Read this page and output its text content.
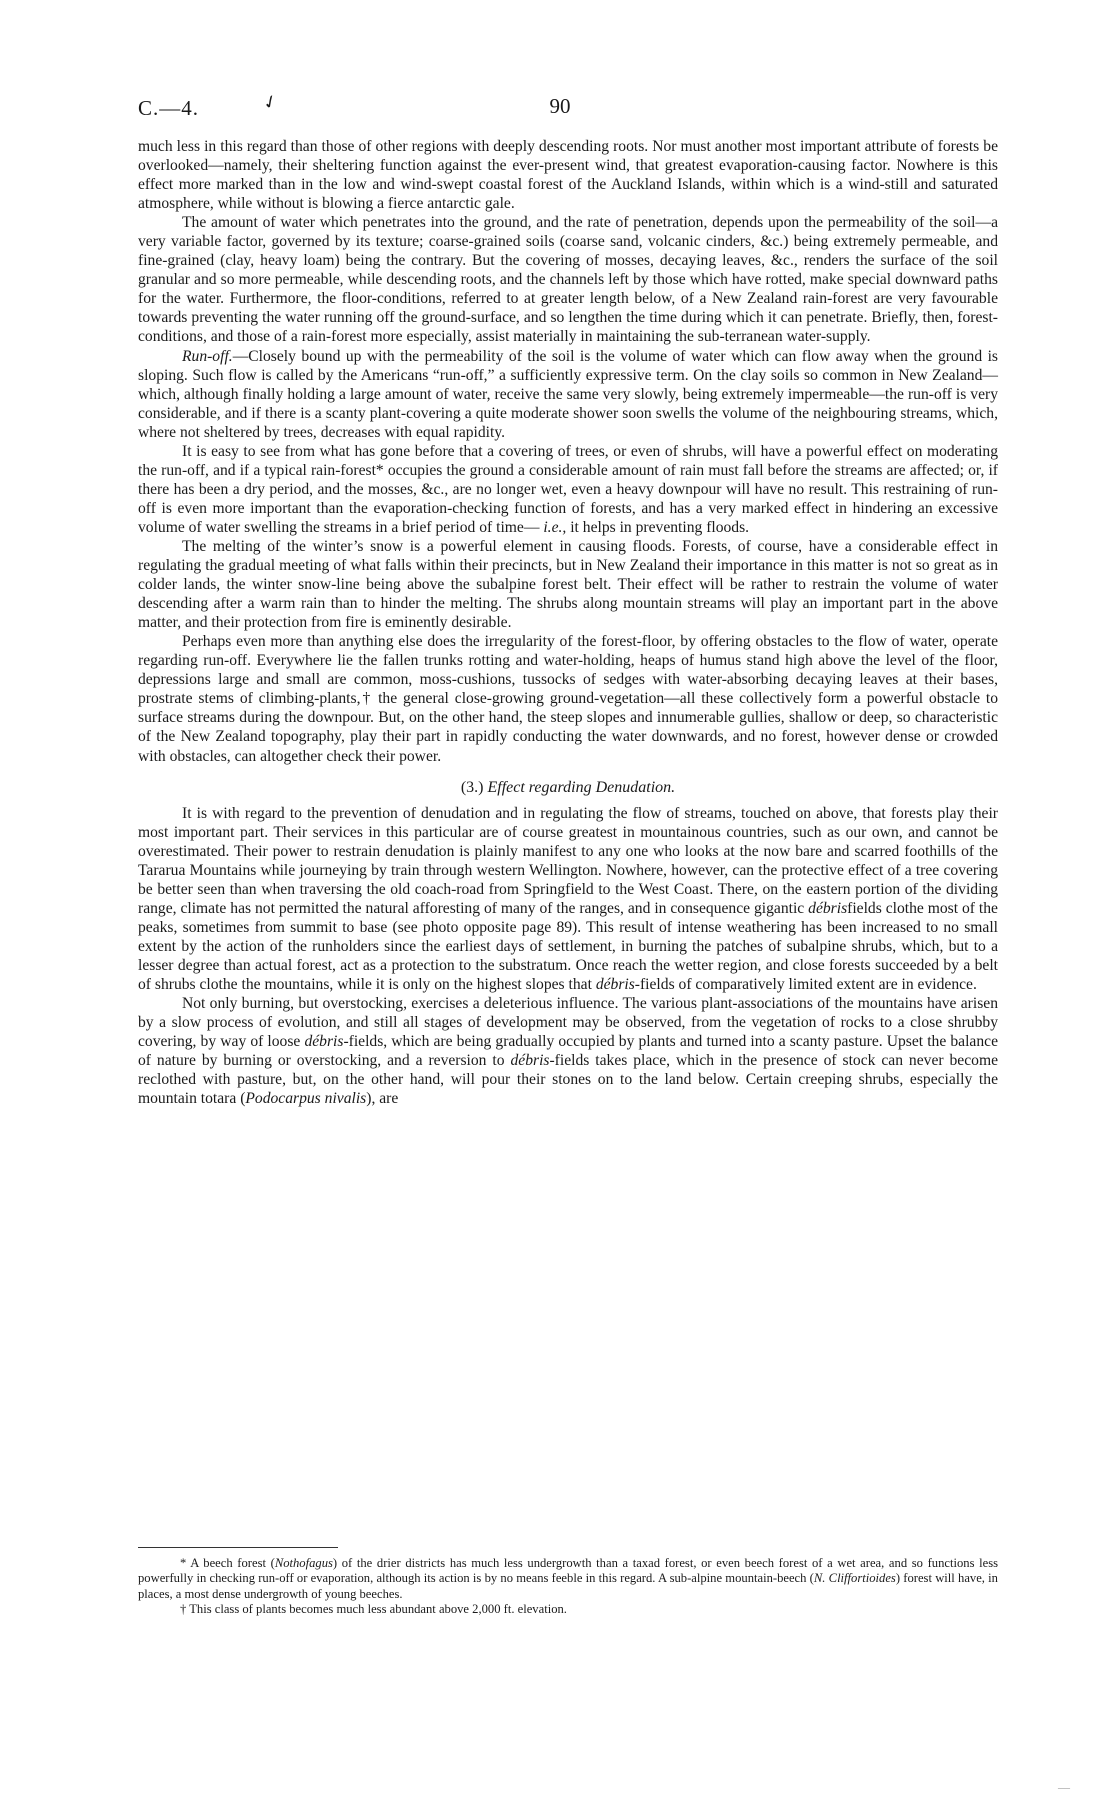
C.—4.	✓	90

much less in this regard than those of other regions with deeply descending roots. Nor must another most important attribute of forests be overlooked—namely, their sheltering function against the ever-present wind, that greatest evaporation-causing factor. Nowhere is this effect more marked than in the low and wind-swept coastal forest of the Auckland Islands, within which is a wind-still and saturated atmosphere, while without is blowing a fierce antarctic gale.

The amount of water which penetrates into the ground, and the rate of penetration, depends upon the permeability of the soil—a very variable factor, governed by its texture; coarse-grained soils (coarse sand, volcanic cinders, &c.) being extremely permeable, and fine-grained (clay, heavy loam) being the contrary. But the covering of mosses, decaying leaves, &c., renders the surface of the soil granular and so more permeable, while descending roots, and the channels left by those which have rotted, make special downward paths for the water. Furthermore, the floor-conditions, referred to at greater length below, of a New Zealand rain-forest are very favourable towards preventing the water running off the ground-surface, and so lengthen the time during which it can penetrate. Briefly, then, forest-conditions, and those of a rain-forest more especially, assist materially in maintaining the sub-terranean water-supply.

Run-off.—Closely bound up with the permeability of the soil is the volume of water which can flow away when the ground is sloping. Such flow is called by the Americans “run-off,” a sufficiently expressive term. On the clay soils so common in New Zealand—which, although finally holding a large amount of water, receive the same very slowly, being extremely impermeable—the run-off is very considerable, and if there is a scanty plant-covering a quite moderate shower soon swells the volume of the neighbouring streams, which, where not sheltered by trees, decreases with equal rapidity.

It is easy to see from what has gone before that a covering of trees, or even of shrubs, will have a powerful effect on moderating the run-off, and if a typical rain-forest* occupies the ground a considerable amount of rain must fall before the streams are affected; or, if there has been a dry period, and the mosses, &c., are no longer wet, even a heavy downpour will have no result. This restraining of run-off is even more important than the evaporation-checking function of forests, and has a very marked effect in hindering an excessive volume of water swelling the streams in a brief period of time— i.e., it helps in preventing floods.

The melting of the winter’s snow is a powerful element in causing floods. Forests, of course, have a considerable effect in regulating the gradual meeting of what falls within their precincts, but in New Zealand their importance in this matter is not so great as in colder lands, the winter snow-line being above the subalpine forest belt. Their effect will be rather to restrain the volume of water descending after a warm rain than to hinder the melting. The shrubs along mountain streams will play an important part in the above matter, and their protection from fire is eminently desirable.

Perhaps even more than anything else does the irregularity of the forest-floor, by offering obstacles to the flow of water, operate regarding run-off. Everywhere lie the fallen trunks rotting and water-holding, heaps of humus stand high above the level of the floor, depressions large and small are common, moss-cushions, tussocks of sedges with water-absorbing decaying leaves at their bases, prostrate stems of climbing-plants,† the general close-growing ground-vegetation—all these collectively form a powerful obstacle to surface streams during the downpour. But, on the other hand, the steep slopes and innumerable gullies, shallow or deep, so characteristic of the New Zealand topography, play their part in rapidly conducting the water downwards, and no forest, however dense or crowded with obstacles, can altogether check their power.

(3.) Effect regarding Denudation.

It is with regard to the prevention of denudation and in regulating the flow of streams, touched on above, that forests play their most important part. Their services in this particular are of course greatest in mountainous countries, such as our own, and cannot be overestimated. Their power to restrain denudation is plainly manifest to any one who looks at the now bare and scarred foothills of the Tararua Mountains while journeying by train through western Wellington. Nowhere, however, can the protective effect of a tree covering be better seen than when traversing the old coach-road from Springfield to the West Coast. There, on the eastern portion of the dividing range, climate has not permitted the natural afforesting of many of the ranges, and in consequence gigantic débrisfields clothe most of the peaks, sometimes from summit to base (see photo opposite page 89). This result of intense weathering has been increased to no small extent by the action of the runholders since the earliest days of settlement, in burning the patches of subalpine shrubs, which, but to a lesser degree than actual forest, act as a protection to the substratum. Once reach the wetter region, and close forests succeeded by a belt of shrubs clothe the mountains, while it is only on the highest slopes that débris-fields of comparatively limited extent are in evidence.

Not only burning, but overstocking, exercises a deleterious influence. The various plant-associations of the mountains have arisen by a slow process of evolution, and still all stages of development may be observed, from the vegetation of rocks to a close shrubby covering, by way of loose débris-fields, which are being gradually occupied by plants and turned into a scanty pasture. Upset the balance of nature by burning or overstocking, and a reversion to débris-fields takes place, which in the presence of stock can never become reclothed with pasture, but, on the other hand, will pour their stones on to the land below. Certain creeping shrubs, especially the mountain totara (Podocarpus nivalis), are

* A beech forest (Nothofagus) of the drier districts has much less undergrowth than a taxad forest, or even beech forest of a wet area, and so functions less powerfully in checking run-off or evaporation, although its action is by no means feeble in this regard. A sub-alpine mountain-beech (N. Cliffortioides) forest will have, in places, a most dense undergrowth of young beeches.

† This class of plants becomes much less abundant above 2,000 ft. elevation.

—
